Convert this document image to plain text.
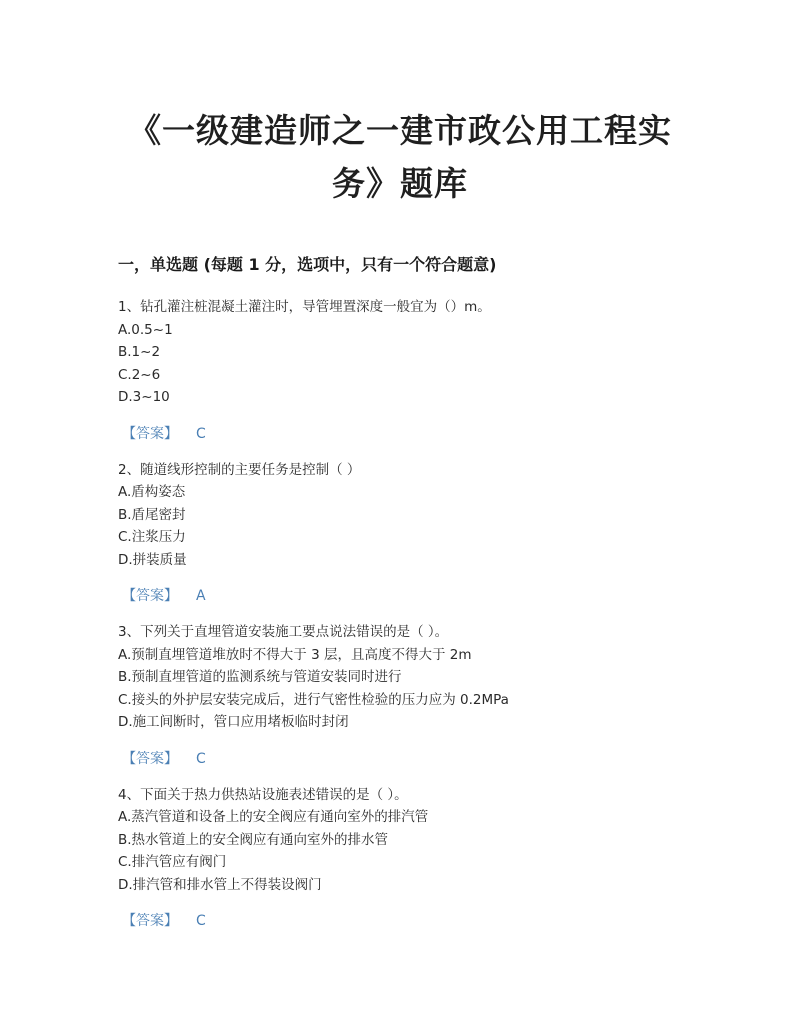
《一级建造师之一建市政公用工程实
务》题库
一，单选题 (每题 1 分，选项中，只有一个符合题意)
1、钻孔灌注桩混凝土灌注时，导管埋置深度一般宜为（）m。
A.0.5~1
B.1~2
C.2~6
D.3~10
【答案】 C
2、随道线形控制的主要任务是控制（ ）
A.盾构姿态
B.盾尾密封
C.注浆压力
D.拼装质量
【答案】 A
3、下列关于直埋管道安装施工要点说法错误的是（ ）。
A.预制直埋管道堆放时不得大于 3 层，且高度不得大于 2m
B.预制直埋管道的监测系统与管道安装同时进行
C.接头的外护层安装完成后，进行气密性检验的压力应为 0.2MPa
D.施工间断时，管口应用堵板临时封闭
【答案】 C
4、下面关于热力供热站设施表述错误的是（ ）。
A.蒸汽管道和设备上的安全阀应有通向室外的排汽管
B.热水管道上的安全阀应有通向室外的排水管
C.排汽管应有阀门
D.排汽管和排水管上不得装设阀门
【答案】 C
